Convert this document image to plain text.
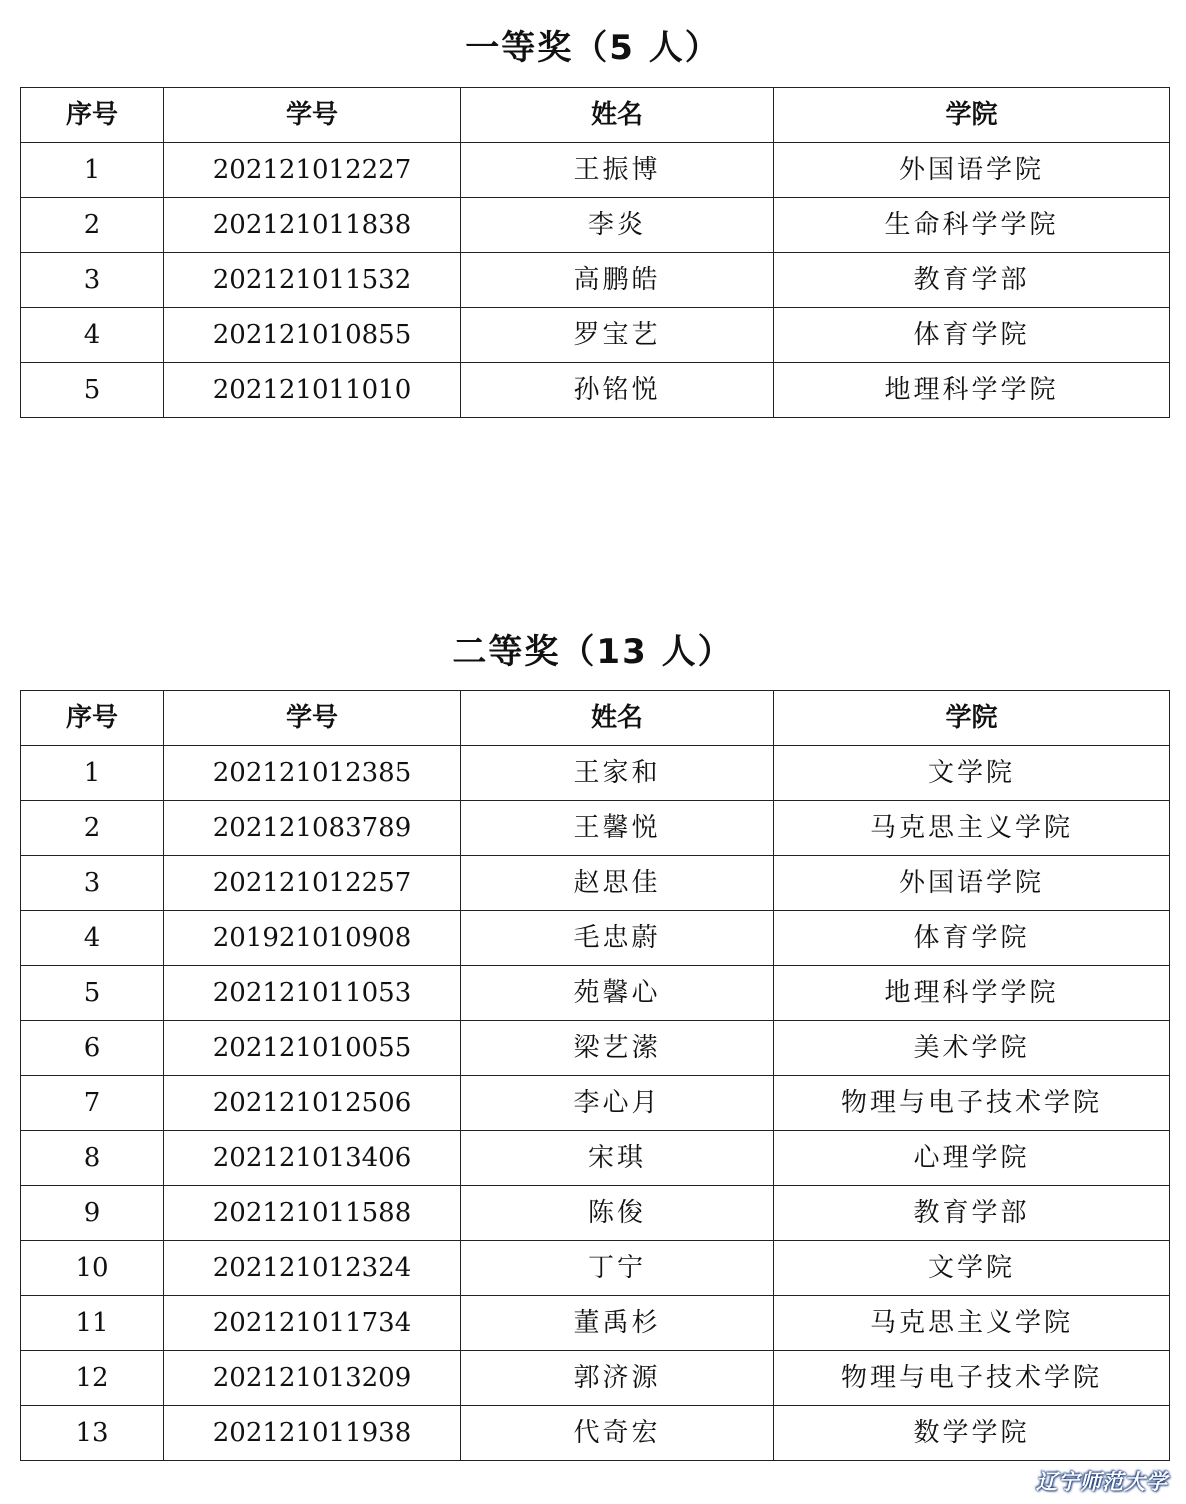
一等奖（5 人）
序号	学号	姓名	学院
1	202121012227	王振博	外国语学院
2	202121011838	李炎	生命科学学院
3	202121011532	高鹏皓	教育学部
4	202121010855	罗宝艺	体育学院
5	202121011010	孙铭悦	地理科学学院
二等奖（13 人）
序号	学号	姓名	学院
1	202121012385	王家和	文学院
2	202121083789	王馨悦	马克思主义学院
3	202121012257	赵思佳	外国语学院
4	201921010908	毛忠蔚	体育学院
5	202121011053	苑馨心	地理科学学院
6	202121010055	梁艺潆	美术学院
7	202121012506	李心月	物理与电子技术学院
8	202121013406	宋琪	心理学院
9	202121011588	陈俊	教育学部
10	202121012324	丁宁	文学院
11	202121011734	董禹杉	马克思主义学院
12	202121013209	郭济源	物理与电子技术学院
13	202121011938	代奇宏	数学学院
辽宁师范大学
